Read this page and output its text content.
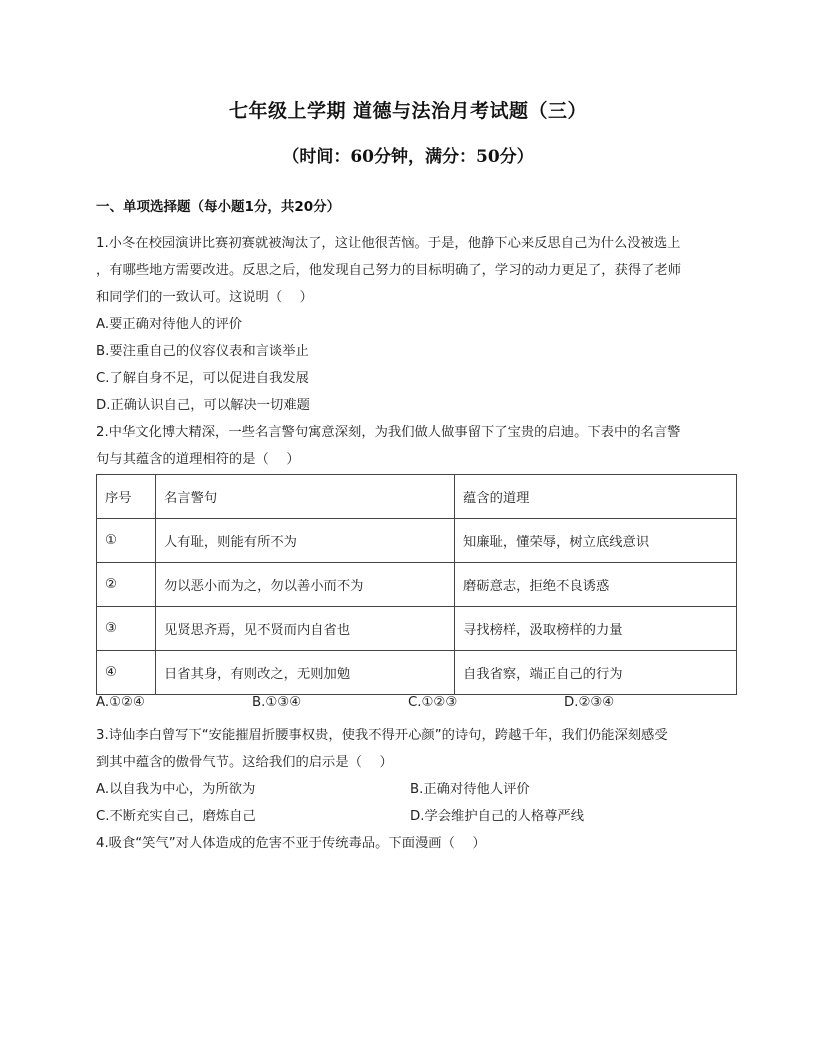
七年级上学期 道德与法治月考试题（三）
（时间：60分钟，满分：50分）
一、单项选择题（每小题1分，共20分）
1.小冬在校园演讲比赛初赛就被淘汰了，这让他很苦恼。于是，他静下心来反思自己为什么没被选上
，有哪些地方需要改进。反思之后，他发现自己努力的目标明确了，学习的动力更足了，获得了老师
和同学们的一致认可。这说明（　 ）
A.要正确对待他人的评价
B.要注重自己的仪容仪表和言谈举止
C.了解自身不足，可以促进自我发展
D.正确认识自己，可以解决一切难题
2.中华文化博大精深，一些名言警句寓意深刻，为我们做人做事留下了宝贵的启迪。下表中的名言警
句与其蕴含的道理相符的是（　 ）
序号	名言警句	蕴含的道理
①	人有耻，则能有所不为	知廉耻，懂荣辱，树立底线意识
②	勿以恶小而为之，勿以善小而不为	磨砺意志，拒绝不良诱惑
③	见贤思齐焉，见不贤而内自省也	寻找榜样，汲取榜样的力量
④	日省其身，有则改之，无则加勉	自我省察，端正自己的行为
A.①②④	B.①③④	C.①②③	D.②③④
3.诗仙李白曾写下“安能摧眉折腰事权贵，使我不得开心颜”的诗句，跨越千年，我们仍能深刻感受
到其中蕴含的傲骨气节。这给我们的启示是（　 ）
A.以自我为中心，为所欲为	B.正确对待他人评价
C.不断充实自己，磨炼自己	D.学会维护自己的人格尊严线
4.吸食“笑气”对人体造成的危害不亚于传统毒品。下面漫画（　 ）
